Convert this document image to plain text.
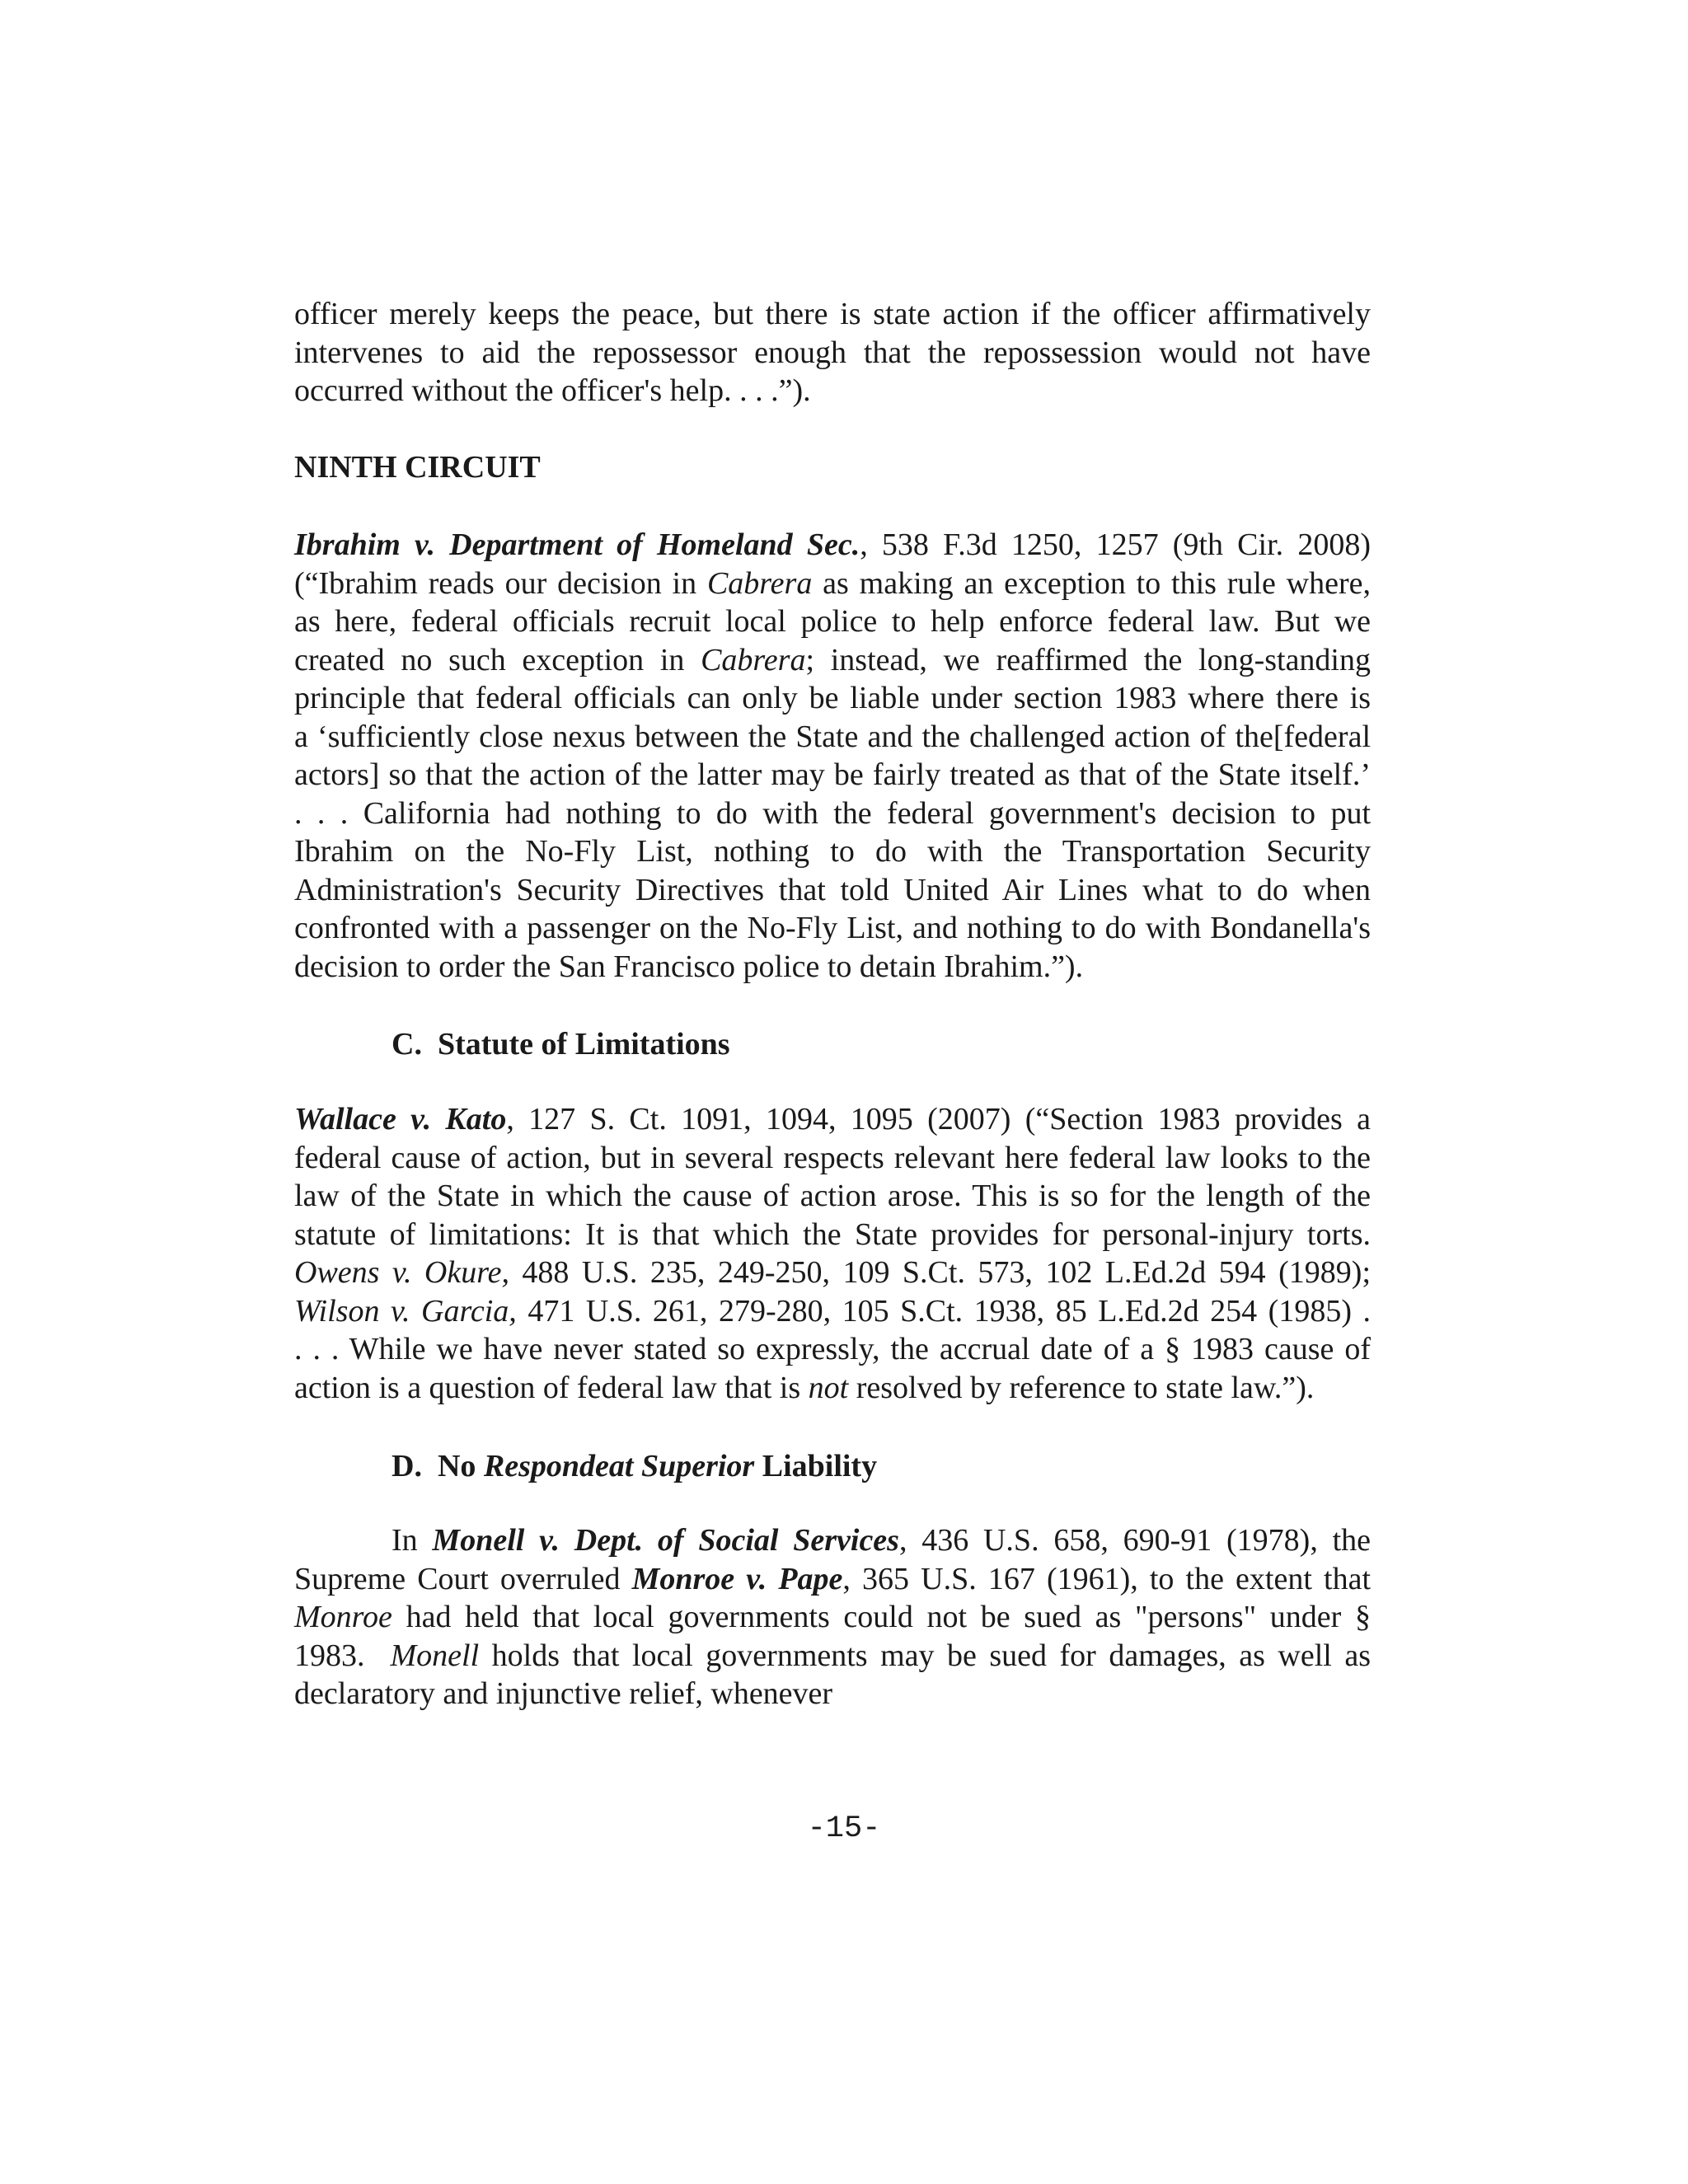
officer merely keeps the peace, but there is state action if the officer affirmatively
intervenes to aid the repossessor enough that the repossession would not have
occurred without the officer's help. . . .”).
NINTH CIRCUIT
Ibrahim v. Department of Homeland Sec., 538 F.3d 1250, 1257 (9th Cir. 2008)
(“Ibrahim reads our decision in Cabrera as making an exception to this rule where,
as here, federal officials recruit local police to help enforce federal law. But we
created no such exception in Cabrera; instead, we reaffirmed the long-standing
principle that federal officials can only be liable under section 1983 where there is
a ‘sufficiently close nexus between the State and the challenged action of the[federal
actors] so that the action of the latter may be fairly treated as that of the State itself.’
. . . California had nothing to do with the federal government's decision to put
Ibrahim on the No-Fly List, nothing to do with the Transportation Security
Administration's Security Directives that told United Air Lines what to do when
confronted with a passenger on the No-Fly List, and nothing to do with Bondanella's
decision to order the San Francisco police to detain Ibrahim.”).
C.  Statute of Limitations
Wallace v. Kato, 127 S. Ct. 1091, 1094, 1095 (2007) (“Section 1983 provides a
federal cause of action, but in several respects relevant here federal law looks to the
law of the State in which the cause of action arose. This is so for the length of the
statute of limitations: It is that which the State provides for personal-injury torts.
Owens v. Okure, 488 U.S. 235, 249-250, 109 S.Ct. 573, 102 L.Ed.2d 594 (1989);
Wilson v. Garcia, 471 U.S. 261, 279-280, 105 S.Ct. 1938, 85 L.Ed.2d 254 (1985) .
. . . While we have never stated so expressly, the accrual date of a § 1983 cause of
action is a question of federal law that is not resolved by reference to state law.”).
D.  No Respondeat Superior Liability
In Monell v. Dept. of Social Services, 436 U.S. 658, 690-91 (1978), the
Supreme Court overruled Monroe v. Pape, 365 U.S. 167 (1961), to the extent that
Monroe had held that local governments could not be sued as "persons" under §
1983.  Monell holds that local governments may be sued for damages, as well as
declaratory and injunctive relief, whenever
-15-
